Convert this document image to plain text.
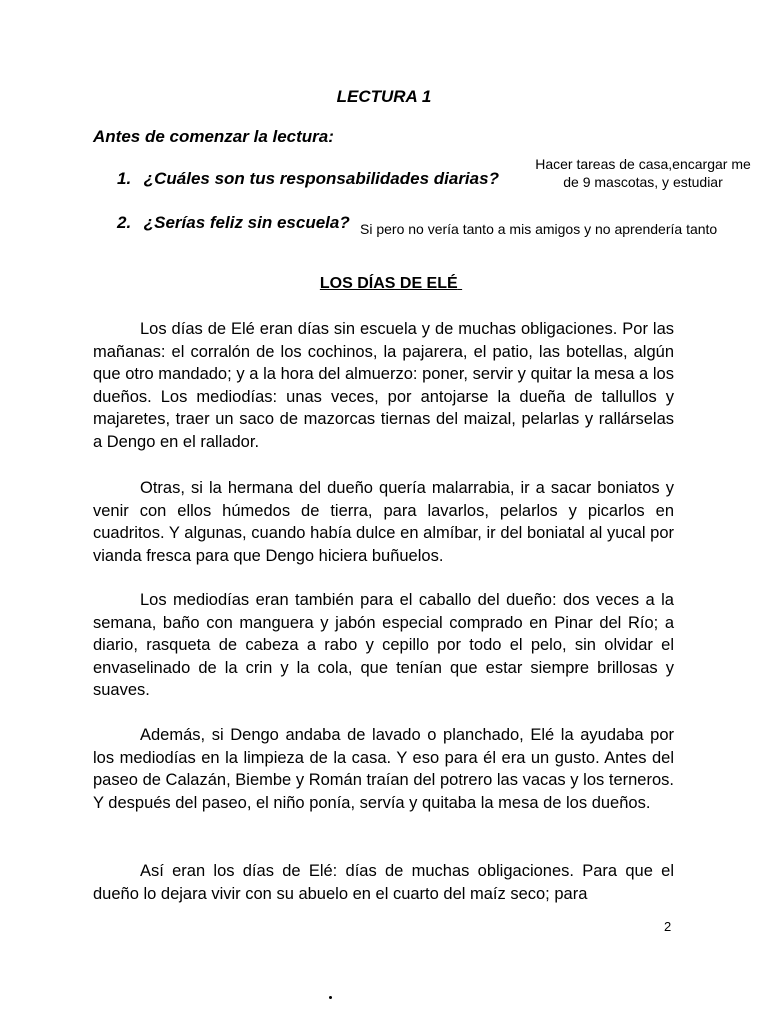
LECTURA 1
Antes de comenzar la lectura:
1. ¿Cuáles son tus responsabilidades diarias?
Hacer tareas de casa,encargar me de 9 mascotas, y estudiar
2. ¿Serías feliz sin escuela? Si pero no vería tanto a mis amigos y no aprendería tanto
LOS DÍAS DE ELÉ

Los días de Elé eran días sin escuela y de muchas obligaciones. Por las mañanas: el corralón de los cochinos, la pajarera, el patio, las botellas, algún que otro mandado; y a la hora del almuerzo: poner, servir y quitar la mesa a los dueños. Los mediodías: unas veces, por antojarse la dueña de tallullos y majaretes, traer un saco de mazorcas tiernas del maizal, pelarlas y rallárselas a Dengo en el rallador.

Otras, si la hermana del dueño quería malarrabia, ir a sacar boniatos y venir con ellos húmedos de tierra, para lavarlos, pelarlos y picarlos en cuadritos. Y algunas, cuando había dulce en almíbar, ir del boniatal al yucal por vianda fresca para que Dengo hiciera buñuelos.

Los mediodías eran también para el caballo del dueño: dos veces a la semana, baño con manguera y jabón especial comprado en Pinar del Río; a diario, rasqueta de cabeza a rabo y cepillo por todo el pelo, sin olvidar el envaselinado de la crin y la cola, que tenían que estar siempre brillosas y suaves.

Además, si Dengo andaba de lavado o planchado, Elé la ayudaba por los mediodías en la limpieza de la casa. Y eso para él era un gusto. Antes del paseo de Calazán, Biembe y Román traían del potrero las vacas y los terneros. Y después del paseo, el niño ponía, servía y quitaba la mesa de los dueños.

Así eran los días de Elé: días de muchas obligaciones. Para que el dueño lo dejara vivir con su abuelo en el cuarto del maíz seco; para

2
